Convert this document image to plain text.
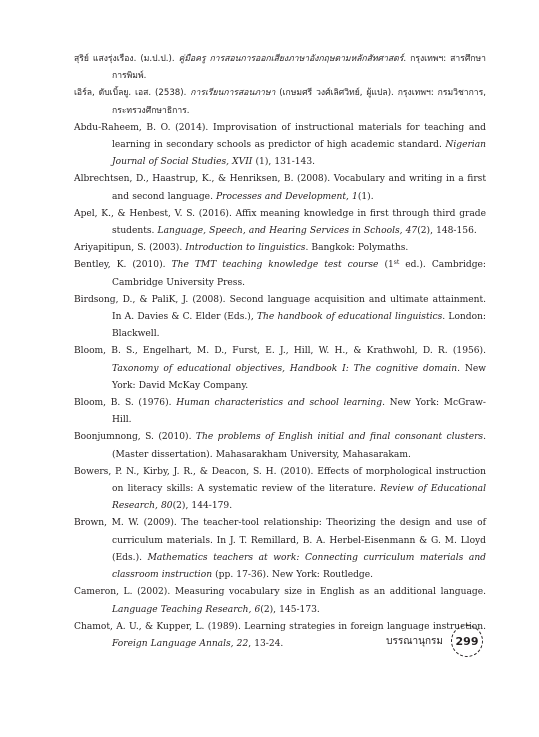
สุริย์ แสงรุ่งเรือง. (ม.ป.ป.). คู่มือครู การสอนการออกเสียงภาษาอังกฤษตามหลักสัทศาสตร์. กรุงเทพฯ: สารศึกษาการพิมพ์.

เอิร์ล, ดับเบิ้ลยู. เอส. (2538). การเรียนการสอนภาษา (เกษมศรี วงศ์เลิศวิทย์, ผู้แปล). กรุงเทพฯ: กรมวิชาการ, กระทรวงศึกษาธิการ.

Abdu-Raheem, B. O. (2014). Improvisation of instructional materials for teaching and learning in secondary schools as predictor of high academic standard. Nigerian Journal of Social Studies, XVII (1), 131-143.

Albrechtsen, D., Haastrup, K., & Henriksen, B. (2008). Vocabulary and writing in a first and second language. Processes and Development, 1(1).

Apel, K., & Henbest, V. S. (2016). Affix meaning knowledge in first through third grade students. Language, Speech, and Hearing Services in Schools, 47(2), 148-156.

Ariyapitipun, S. (2003). Introduction to linguistics. Bangkok: Polymaths.

Bentley, K. (2010). The TMT teaching knowledge test course (1st ed.). Cambridge: Cambridge University Press.

Birdsong, D., & PaliK, J. (2008). Second language acquisition and ultimate attainment. In A. Davies & C. Elder (Eds.), The handbook of educational linguistics. London: Blackwell.

Bloom, B. S., Engelhart, M. D., Furst, E. J., Hill, W. H., & Krathwohl, D. R. (1956). Taxonomy of educational objectives, Handbook I: The cognitive domain. New York: David McKay Company.

Bloom, B. S. (1976). Human characteristics and school learning. New York: McGraw-Hill.

Boonjumnong, S. (2010). The problems of English initial and final consonant clusters. (Master dissertation). Mahasarakham University, Mahasarakam.

Bowers, P. N., Kirby, J. R., & Deacon, S. H. (2010). Effects of morphological instruction on literacy skills: A systematic review of the literature. Review of Educational Research, 80(2), 144-179.

Brown, M. W. (2009). The teacher-tool relationship: Theorizing the design and use of curriculum materials. In J. T. Remillard, B. A. Herbel-Eisenmann & G. M. Lloyd (Eds.). Mathematics teachers at work: Connecting curriculum materials and classroom instruction (pp. 17-36). New York: Routledge.

Cameron, L. (2002). Measuring vocabulary size in English as an additional language. Language Teaching Research, 6(2), 145-173.

Chamot, A. U., & Kupper, L. (1989). Learning strategies in foreign language instruction. Foreign Language Annals, 22, 13-24.	บรรณานุกรม 299
